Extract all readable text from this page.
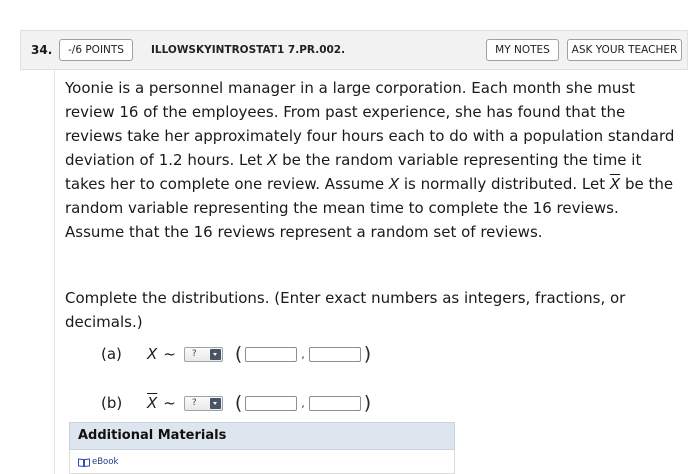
34.	-/6 POINTS	ILLOWSKYINTROSTAT1 7.PR.002.	MY NOTES	ASK YOUR TEACHER
Yoonie is a personnel manager in a large corporation. Each month she must review 16 of the employees. From past experience, she has found that the reviews take her approximately four hours each to do with a population standard deviation of 1.2 hours. Let X be the random variable representing the time it takes her to complete one review. Assume X is normally distributed. Let $\overline{X}$ be the random variable representing the mean time to complete the 16 reviews. Assume that the 16 reviews represent a random set of reviews.
Complete the distributions. (Enter exact numbers as integers, fractions, or decimals.)
(a)	X ~ ? (	,	)
(b)	$\overline{X}$ ~ ? (	,	)
Additional Materials
eBook
